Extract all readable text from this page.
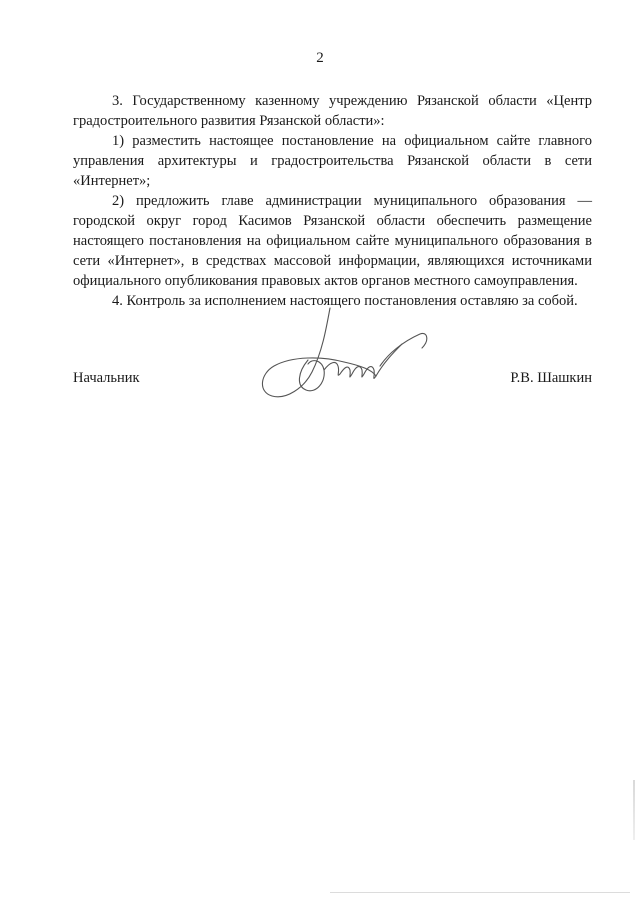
2

3. Государственному казенному учреждению Рязанской области «Центр градостроительного развития Рязанской области»:

1) разместить настоящее постановление на официальном сайте главного управления архитектуры и градостроительства Рязанской области в сети «Интернет»;

2) предложить главе администрации муниципального образования — городской округ город Касимов Рязанской области обеспечить размещение настоящего постановления на официальном сайте муниципального образования в сети «Интернет», в средствах массовой информации, являющихся источниками официального опубликования правовых актов органов местного самоуправления.

4. Контроль за исполнением настоящего постановления оставляю за собой.

Начальник	Р.В. Шашкин
